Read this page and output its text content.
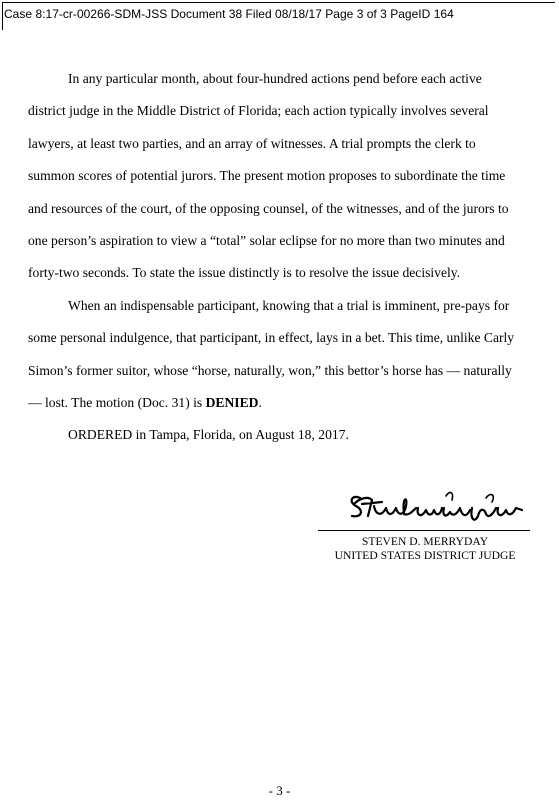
Case 8:17-cr-00266-SDM-JSS Document 38 Filed 08/18/17 Page 3 of 3 PageID 164

In any particular month, about four-hundred actions pend before each active district judge in the Middle District of Florida; each action typically involves several lawyers, at least two parties, and an array of witnesses. A trial prompts the clerk to summon scores of potential jurors. The present motion proposes to subordinate the time and resources of the court, of the opposing counsel, of the witnesses, and of the jurors to one person’s aspiration to view a “total” solar eclipse for no more than two minutes and forty-two seconds. To state the issue distinctly is to resolve the issue decisively.

When an indispensable participant, knowing that a trial is imminent, pre-pays for some personal indulgence, that participant, in effect, lays in a bet. This time, unlike Carly Simon’s former suitor, whose “horse, naturally, won,” this bettor’s horse has — naturally — lost. The motion (Doc. 31) is DENIED.

ORDERED in Tampa, Florida, on August 18, 2017.

STEVEN D. MERRYDAY
UNITED STATES DISTRICT JUDGE
- 3 -
